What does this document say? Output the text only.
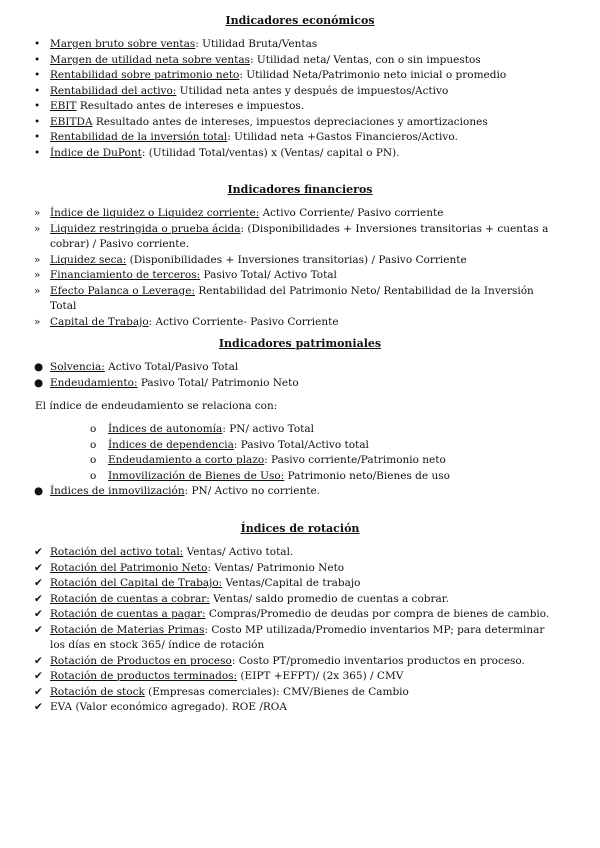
Indicadores económicos
• Margen bruto sobre ventas: Utilidad Bruta/Ventas
• Margen de utilidad neta sobre ventas: Utilidad neta/ Ventas, con o sin impuestos
• Rentabilidad sobre patrimonio neto: Utilidad Neta/Patrimonio neto inicial o promedio
• Rentabilidad del activo: Utilidad neta antes y después de impuestos/Activo
• EBIT Resultado antes de intereses e impuestos.
• EBITDA Resultado antes de intereses, impuestos depreciaciones y amortizaciones
• Rentabilidad de la inversión total: Utilidad neta +Gastos Financieros/Activo.
• Índice de DuPont: (Utilidad Total/ventas) x (Ventas/ capital o PN).
Indicadores financieros
» Índice de liquidez o Liquidez corriente: Activo Corriente/ Pasivo corriente
» Liquidez restringida o prueba ácida: (Disponibilidades + Inversiones transitorias + cuentas a cobrar) / Pasivo corriente.
» Liquidez seca: (Disponibilidades + Inversiones transitorias) / Pasivo Corriente
» Financiamiento de terceros: Pasivo Total/ Activo Total
» Efecto Palanca o Leverage: Rentabilidad del Patrimonio Neto/ Rentabilidad de la Inversión Total
» Capital de Trabajo: Activo Corriente- Pasivo Corriente
Indicadores patrimoniales
● Solvencia: Activo Total/Pasivo Total
● Endeudamiento: Pasivo Total/ Patrimonio Neto
El índice de endeudamiento se relaciona con:
o	Índices de autonomía: PN/ activo Total
o	Índices de dependencia: Pasivo Total/Activo total
o	Endeudamiento a corto plazo: Pasivo corriente/Patrimonio neto
o	Inmovilización de Bienes de Uso: Patrimonio neto/Bienes de uso
● Índices de inmovilización: PN/ Activo no corriente.
Índices de rotación
✔ Rotación del activo total: Ventas/ Activo total.
✔ Rotación del Patrimonio Neto: Ventas/ Patrimonio Neto
✔ Rotación del Capital de Trabajo: Ventas/Capital de trabajo
✔ Rotación de cuentas a cobrar: Ventas/ saldo promedio de cuentas a cobrar.
✔ Rotación de cuentas a pagar: Compras/Promedio de deudas por compra de bienes de cambio.
✔ Rotación de Materias Primas: Costo MP utilizada/Promedio inventarios MP; para determinar los días en stock 365/ índice de rotación
✔ Rotación de Productos en proceso: Costo PT/promedio inventarios productos en proceso.
✔ Rotación de productos terminados: (EIPT +EFPT)/ (2x 365) / CMV
✔ Rotación de stock (Empresas comerciales): CMV/Bienes de Cambio
✔ EVA (Valor económico agregado). ROE /ROA
